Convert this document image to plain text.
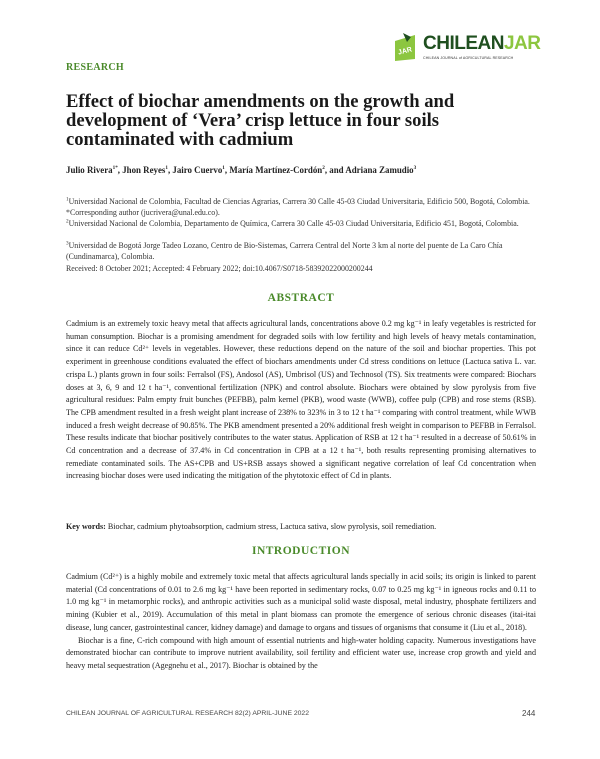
RESEARCH
JAR CHILEANJAR
CHILEAN JOURNAL of AGRICULTURAL RESEARCH
Effect of biochar amendments on the growth and development of ‘Vera’ crisp lettuce in four soils contaminated with cadmium
Julio Rivera$^{1*}$, Jhon Reyes$^1$, Jairo Cuervo$^1$, María Martínez-Cordón$^2$, and Adriana Zamudio$^3$
$^1$Universidad Nacional de Colombia, Facultad de Ciencias Agrarias, Carrera 30 Calle 45-03 Ciudad Universitaria, Edificio 500, Bogotá, Colombia. *Corresponding author (jucrivera@unal.edu.co).
$^2$Universidad Nacional de Colombia, Departamento de Química, Carrera 30 Calle 45-03 Ciudad Universitaria, Edificio 451, Bogotá, Colombia.
$^3$Universidad de Bogotá Jorge Tadeo Lozano, Centro de Bio-Sistemas, Carrera Central del Norte 3 km al norte del puente de La Caro Chía (Cundinamarca), Colombia.
Received: 8 October 2021; Accepted: 4 February 2022; doi:10.4067/S0718-58392022000200244
ABSTRACT
Cadmium is an extremely toxic heavy metal that affects agricultural lands, concentrations above 0.2 mg kg⁻¹ in leafy vegetables is restricted for human consumption. Biochar is a promising amendment for degraded soils with low fertility and high levels of heavy metals contamination, since it can reduce Cd²⁺ levels in vegetables. However, these reductions depend on the nature of the soil and biochar properties. This pot experiment in greenhouse conditions evaluated the effect of biochars amendments under Cd stress conditions on lettuce (Lactuca sativa L. var. crispa L.) plants grown in four soils: Ferralsol (FS), Andosol (AS), Umbrisol (US) and Technosol (TS). Six treatments were compared: Biochars doses at 3, 6, 9 and 12 t ha⁻¹, conventional fertilization (NPK) and control absolute. Biochars were obtained by slow pyrolysis from five agricultural residues: Palm empty fruit bunches (PEFBB), palm kernel (PKB), wood waste (WWB), coffee pulp (CPB) and rose stems (RSB). The CPB amendment resulted in a fresh weight plant increase of 238% to 323% in 3 to 12 t ha⁻¹ comparing with control treatment, while WWB induced a fresh weight decrease of 90.85%. The PKB amendment presented a 20% additional fresh weight in comparison to PEFBB in Ferralsol. These results indicate that biochar positively contributes to the water status. Application of RSB at 12 t ha⁻¹ resulted in a decrease of 50.61% in Cd concentration and a decrease of 37.4% in Cd concentration in CPB at a 12 t ha⁻¹, both results representing promising alternatives to remediate contaminated soils. The AS+CPB and US+RSB assays showed a significant negative correlation of leaf Cd concentration when increasing biochar doses were used indicating the mitigation of the phytotoxic effect of Cd in plants.
Key words: Biochar, cadmium phytoabsorption, cadmium stress, Lactuca sativa, slow pyrolysis, soil remediation.
INTRODUCTION

Cadmium (Cd²⁺) is a highly mobile and extremely toxic metal that affects agricultural lands specially in acid soils; its origin is linked to parent material (Cd concentrations of 0.01 to 2.6 mg kg⁻¹ have been reported in sedimentary rocks, 0.07 to 0.25 mg kg⁻¹ in igneous rocks and 0.11 to 1.0 mg kg⁻¹ in metamorphic rocks), and anthropic activities such as a municipal solid waste disposal, metal industry, phosphate fertilizers and mining (Kubier et al., 2019). Accumulation of this metal in plant biomass can promote the emergence of serious chronic diseases (itai-itai disease, lung cancer, gastrointestinal cancer, kidney damage) and damage to organs and tissues of organisms that consume it (Liu et al., 2018).

Biochar is a fine, C-rich compound with high amount of essential nutrients and high-water holding capacity. Numerous investigations have demonstrated biochar can contribute to improve nutrient availability, soil fertility and efficient water use, increase crop growth and yield and heavy metal sequestration (Agegnehu et al., 2017). Biochar is obtained by the

CHILEAN JOURNAL OF AGRICULTURAL RESEARCH 82(2) APRIL-JUNE 2022	244
